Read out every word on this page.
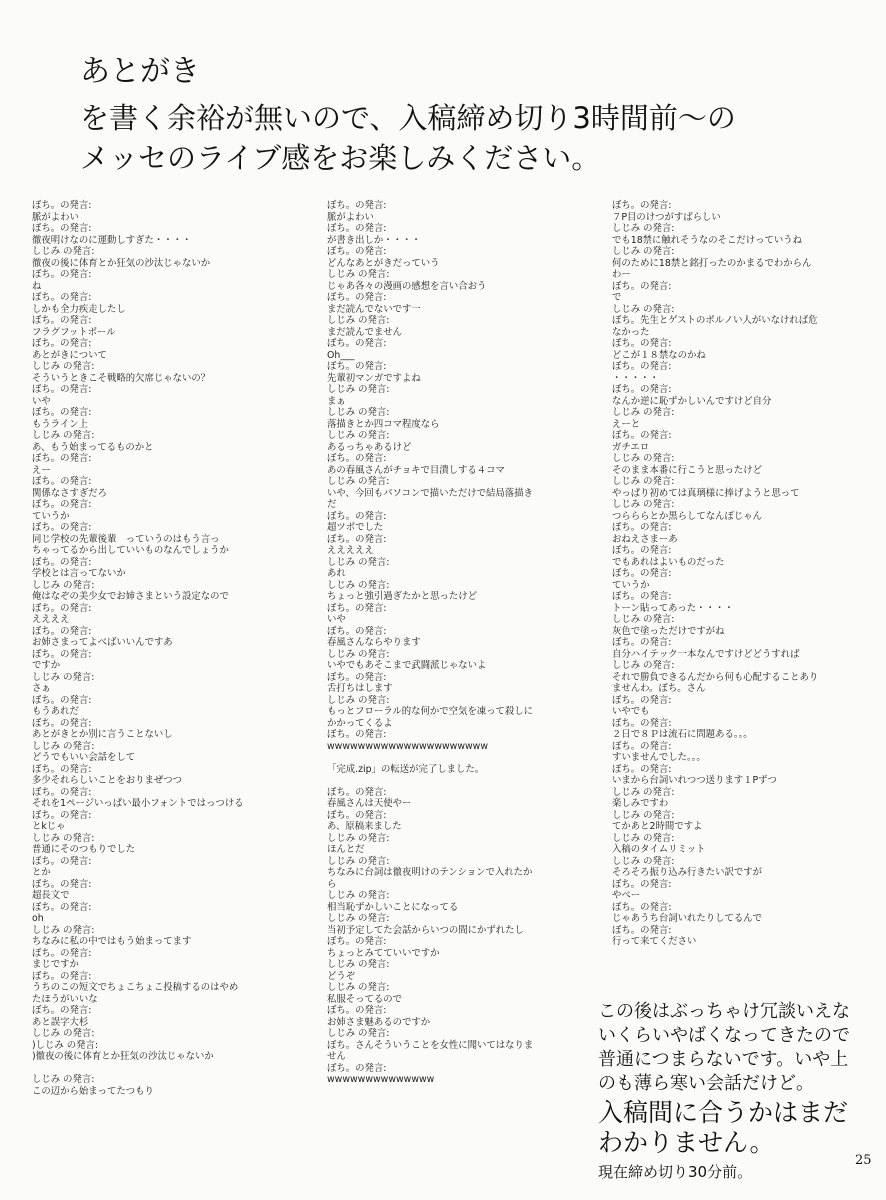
あとがき
を書く余裕が無いので、入稿締め切り3時間前〜の
メッセのライブ感をお楽しみください。
ぼち。の発言:
脈がよわい
ぼち。の発言:
徹夜明けなのに運動しすぎた・・・・
しじみ の発言:
徹夜の後に体育とか狂気の沙汰じゃないか
ぼち。の発言:
ね
ぼち。の発言:
しかも全力疾走したし
ぼち。の発言:
フラグフットボール
ぼち。の発言:
あとがきについて
しじみ の発言:
そういうときこそ戦略的欠席じゃないの？
ぼち。の発言:
いや
ぼち。の発言:
もうライン上
しじみ の発言:
あ、もう始まってるものかと
ぼち。の発言:
えー
ぼち。の発言:
関係なさすぎだろ
ぼち。の発言:
ていうか
ぼち。の発言:
同じ学校の先輩後輩　っていうのはもう言っ
ちゃってるから出していいものなんでしょうか
ぼち。の発言:
学校とは言ってないか
しじみ の発言:
俺はなぞの美少女でお姉さまという設定なので
ぼち。の発言:
ええええ
ぼち。の発言:
お姉さまってよべばいいんですあ
ぼち。の発言:
ですか
しじみ の発言:
さぁ
ぼち。の発言:
もうあれだ
ぼち。の発言:
あとがきとか別に言うことないし
しじみ の発言:
どうでもいい会話をして
ぼち。の発言:
多少それらしいことをおりまぜつつ
ぼち。の発言:
それを1ページいっぱい最小フォントではっつける
ぼち。の発言:
とkじゃ
しじみ の発言:
普通にそのつもりでした
ぼち。の発言:
とか
ぼち。の発言:
超長文で
ぼち。の発言:
oh
しじみ の発言:
ちなみに私の中ではもう始まってます
ぼち。の発言:
まじですか
ぼち。の発言:
うちのこの短文でちょこちょこ投稿するのはやめ
たほうがいいな
ぼち。の発言:
あと誤字大杉
しじみ の発言:
)しじみ の発言:
)徹夜の後に体育とか狂気の沙汰じゃないか
しじみ の発言:
この辺から始まってたつもり
ぼち。の発言:
脈がよわい
ぼち。の発言:
が書き出しか・・・・
ぼち。の発言:
どんなあとがきだっていう
しじみ の発言:
じゃあ各々の漫画の感想を言い合おう
ぼち。の発言:
まだ読んでないです一
しじみ の発言:
まだ読んでません
ぼち。の発言:
Oh___
ぼち。の発言:
先輩初マンガですよね
しじみ の発言:
まぁ
しじみ の発言:
落描きとか四コマ程度なら
しじみ の発言:
あるっちゃあるけど
ぼち。の発言:
あの春風さんがチョキで目潰しする４コマ
しじみ の発言:
いや、今回もパソコンで描いただけで結局落描き
だ
ぼち。の発言:
超ツボでした
ぼち。の発言:
えええええ
しじみ の発言:
あれ
しじみ の発言:
ちょっと強引過ぎたかと思ったけど
ぼち。の発言:
いや
ぼち。の発言:
春風さんならやります
しじみ の発言:
いやでもあそこまで武闘派じゃないよ
ぼち。の発言:
舌打ちはします
しじみ の発言:
もっとフローラル的な何かで空気を凍って殺しに
かかってくるよ
ぼち。の発言:
wwwwwwwwwwwwwwwwwwwww
「完成.zip」の転送が完了しました。
ぼち。の発言:
春風さんは天使やー
ぼち。の発言:
あ、原稿来ました
しじみ の発言:
ほんとだ
しじみ の発言:
ちなみに台詞は徹夜明けのテンションで入れたか
ら
しじみ の発言:
相当恥ずかしいことになってる
しじみ の発言:
当初予定してた会話からいつの間にかずれたし
ぼち。の発言:
ちょっとみてていいですか
しじみ の発言:
どうぞ
しじみ の発言:
私服そってるので
ぼち。の発言:
お姉さま魅あるのですか
しじみ の発言:
ぼち。さんそういうことを女性に聞いてはなりま
せん
ぼち。の発言:
wwwwwwwwwwwwww
ぼち。の発言:
７P目のけつがすばらしい
しじみ の発言:
でも18禁に触れそうなのそこだけっていうね
しじみ の発言:
何のために18禁と銘打ったのかまるでわからん
わー
ぼち。の発言:
で
しじみ の発言:
ぼち。先生とゲストのポルノい人がいなければ危
なかった
ぼち。の発言:
どこが１８禁なのかね
ぼち。の発言:
・・・・・
ぼち。の発言:
なんか逆に恥ずかしいんですけど自分
しじみ の発言:
えーと
ぼち。の発言:
ガチエロ
しじみ の発言:
そのまま本番に行こうと思ったけど
しじみ の発言:
やっぱり初めては真璃様に捧げようと思って
しじみ の発言:
つらららとか黒らしてなんぼじゃん
ぼち。の発言:
おねえさまーあ
ぼち。の発言:
でもあれはよいものだった
ぼち。の発言:
ていうか
ぼち。の発言:
トーン貼ってあった・・・・
しじみ の発言:
灰色で塗っただけですがね
ぼち。の発言:
自分ハイテック一本なんですけどどうすれば
しじみ の発言:
それで勝負できるんだから何も心配することあり
ませんわ。ぼち。さん
ぼち。の発言:
いやでも
ぼち。の発言:
２日で８Ｐは流石に問題ある。。。
ぼち。の発言:
すいませんでした。。。
ぼち。の発言:
いまから台詞いれつつ送ります１Pずつ
しじみ の発言:
楽しみですわ
しじみ の発言:
てかあと2時間ですよ
しじみ の発言:
入稿のタイムリミット
しじみ の発言:
そろそろ振り込み行きたい訳ですが
ぼち。の発言:
やべー
ぼち。の発言:
じゃあうち台詞いれたりしてるんで
ぼち。の発言:
行って来てください
この後はぶっちゃけ冗談いえな
いくらいやばくなってきたので
普通につまらないです。いや上
のも薄ら寒い会話だけど。
入稿間に合うかはまだ
わかりません。
現在締め切り30分前。
25
